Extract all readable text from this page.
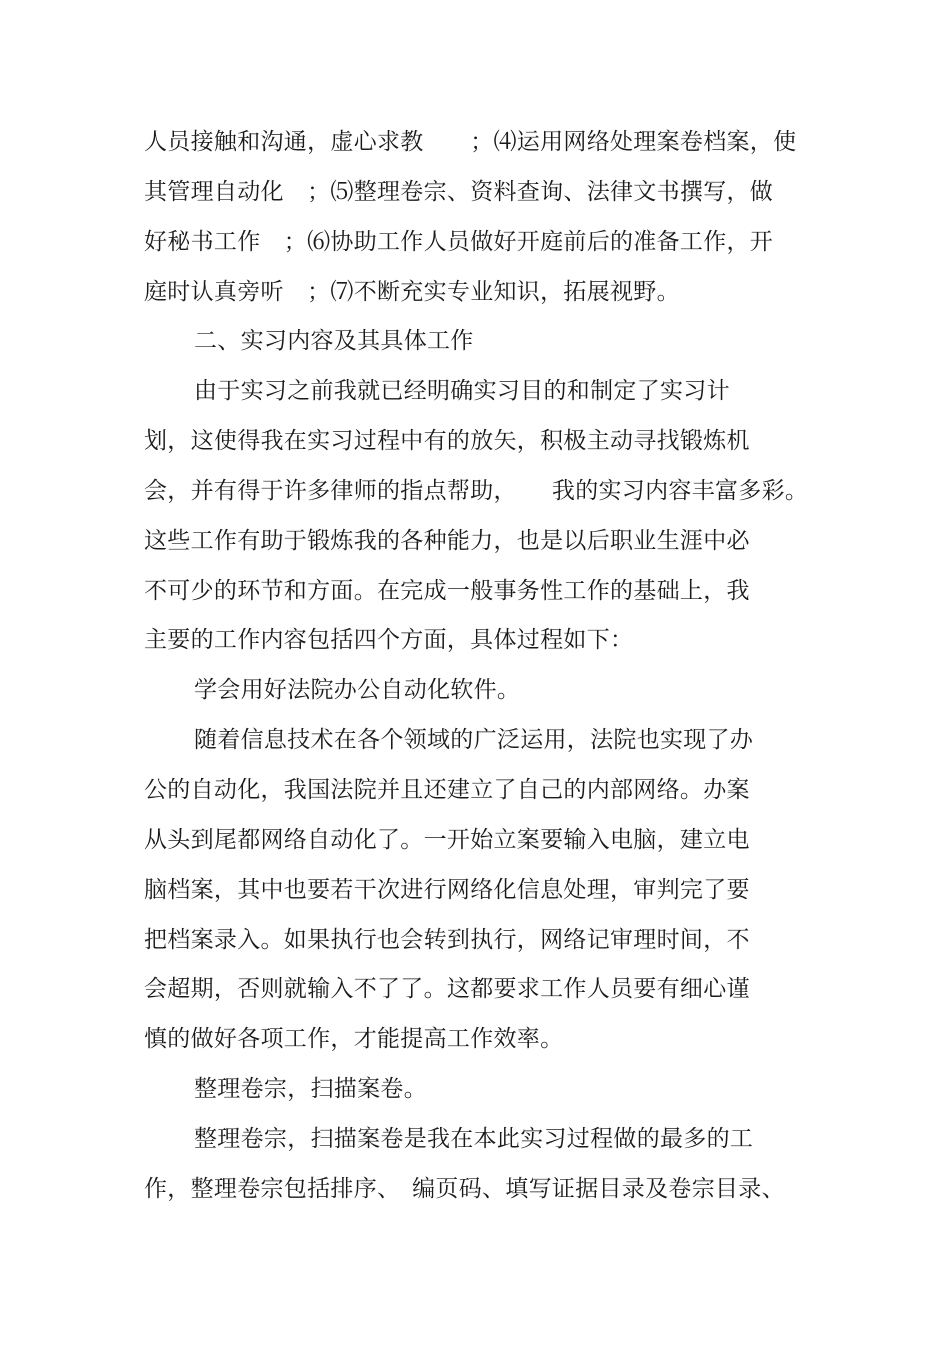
人员接触和沟通，虚心求教　　；⑷运用网络处理案卷档案，使
其管理自动化　；⑸整理卷宗、资料查询、法律文书撰写，做
好秘书工作　；⑹协助工作人员做好开庭前后的准备工作，开
庭时认真旁听　；⑺不断充实专业知识，拓展视野。
二、实习内容及其具体工作
由于实习之前我就已经明确实习目的和制定了实习计
划，这使得我在实习过程中有的放矢，积极主动寻找锻炼机
会，并有得于许多律师的指点帮助，　　我的实习内容丰富多彩。
这些工作有助于锻炼我的各种能力，也是以后职业生涯中必
不可少的环节和方面。在完成一般事务性工作的基础上，我
主要的工作内容包括四个方面，具体过程如下：
学会用好法院办公自动化软件。
随着信息技术在各个领域的广泛运用，法院也实现了办
公的自动化，我国法院并且还建立了自己的内部网络。办案
从头到尾都网络自动化了。一开始立案要输入电脑，建立电
脑档案，其中也要若干次进行网络化信息处理，审判完了要
把档案录入。如果执行也会转到执行，网络记审理时间，不
会超期，否则就输入不了了。这都要求工作人员要有细心谨
慎的做好各项工作，才能提高工作效率。
整理卷宗，扫描案卷。
整理卷宗，扫描案卷是我在本此实习过程做的最多的工
作，整理卷宗包括排序、　编页码、填写证据目录及卷宗目录、
